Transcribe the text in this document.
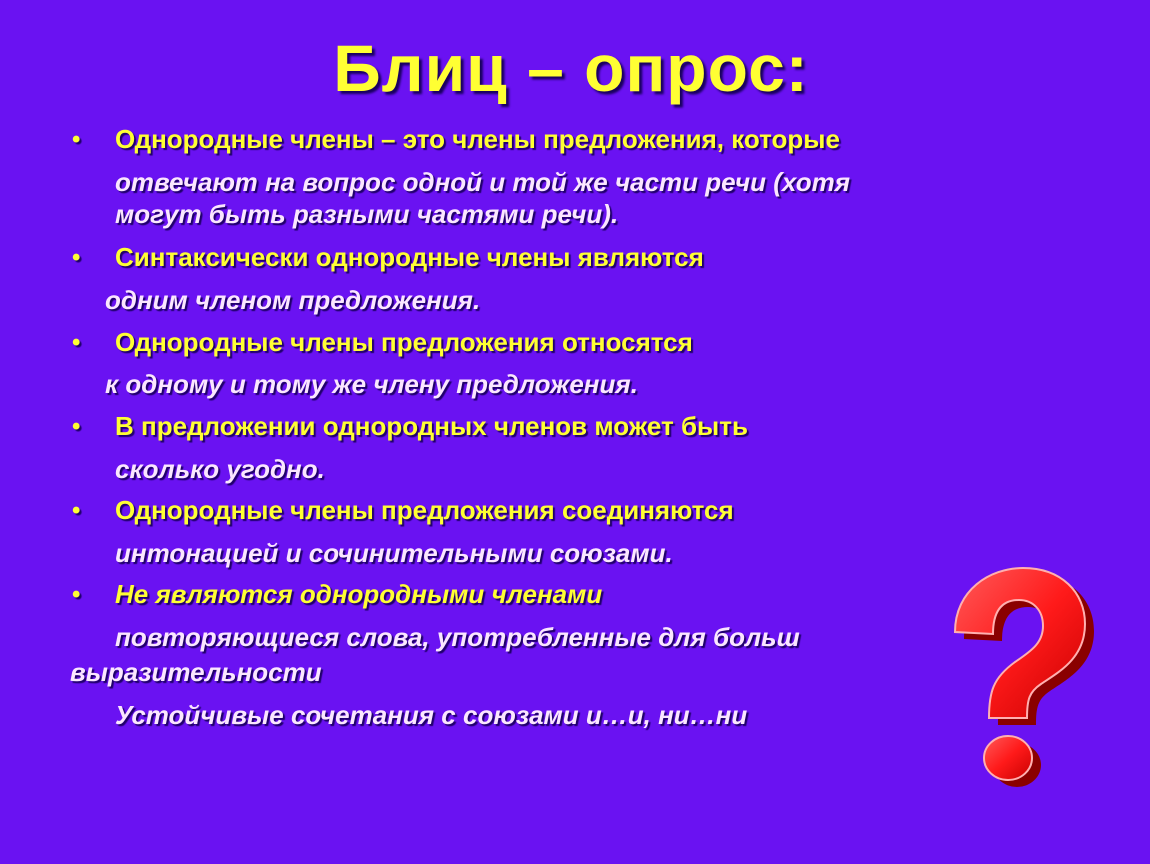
Блиц – опрос:
• Однородные члены – это члены предложения, которые
отвечают на вопрос одной и той же части речи (хотя
могут быть разными частями речи).
• Синтаксически однородные члены являются
одним членом предложения.
• Однородные члены предложения относятся
к одному и тому же члену предложения.
• В предложении однородных членов может быть
сколько угодно.
• Однородные члены предложения соединяются
интонацией и сочинительными союзами.
• Не являются однородными членами
повторяющиеся слова, употребленные для больш
выразительности
Устойчивые сочетания с союзами и…и, ни…ни
